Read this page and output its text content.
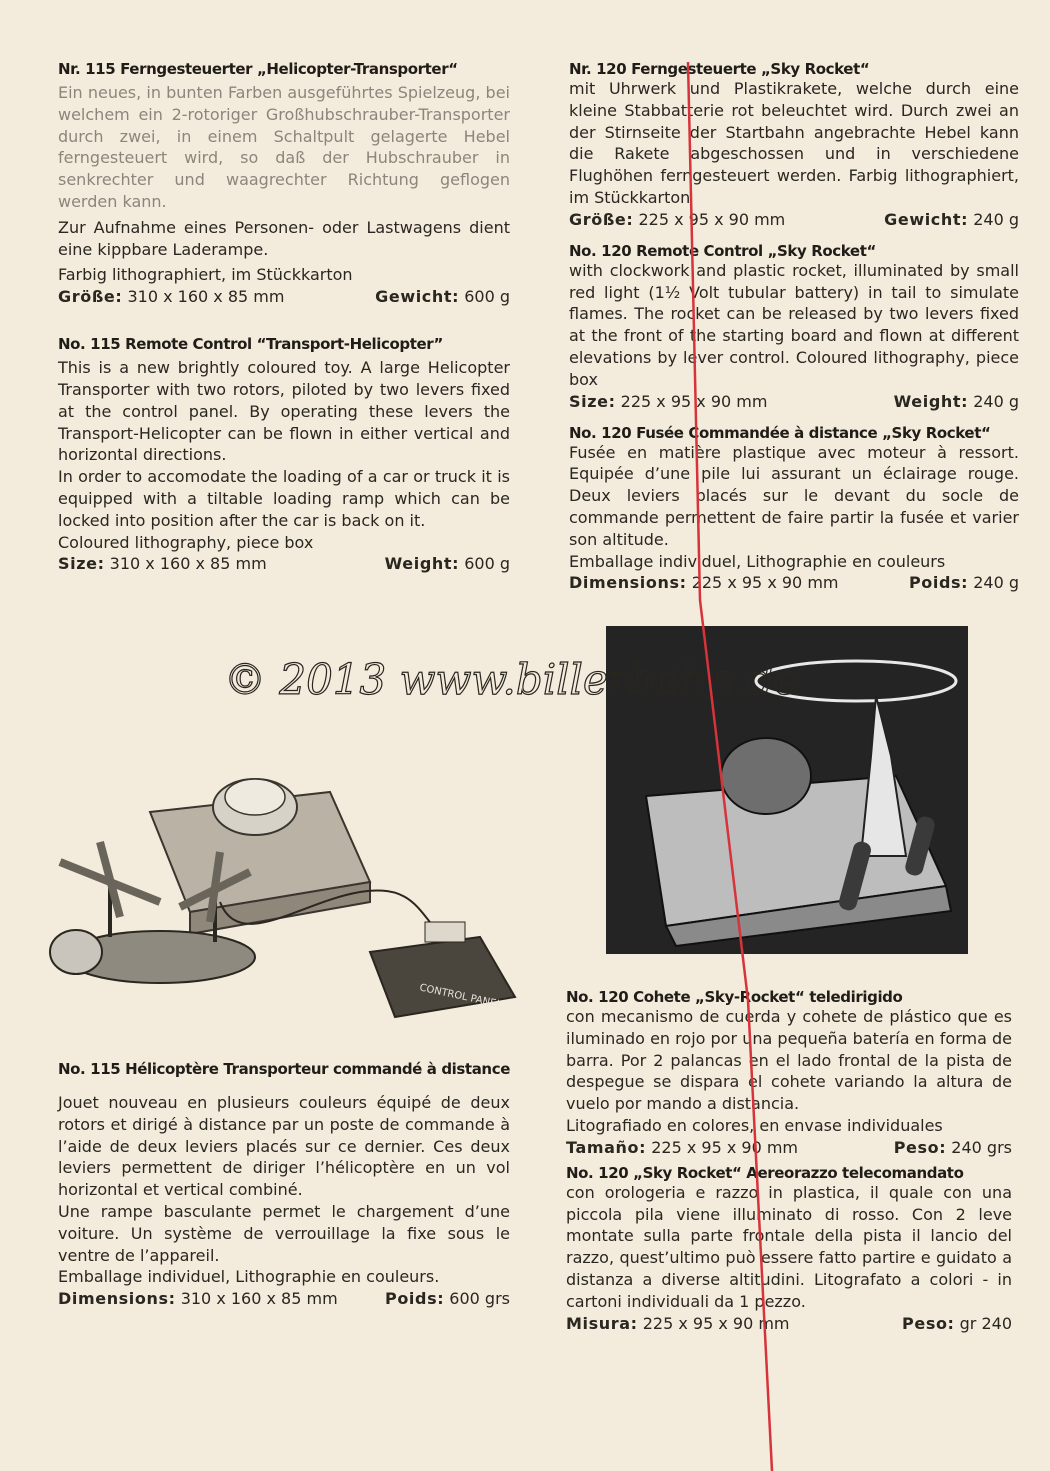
Nr. 115 Ferngesteuerter „Helicopter-Transporter“

Ein neues, in bunten Farben ausgeführtes Spielzeug, bei welchem ein 2-rotoriger Großhubschrauber-Transporter durch zwei, in einem Schaltpult gelagerte Hebel ferngesteuert wird, so daß der Hubschrauber in senkrechter und waagrechter Richtung geflogen werden kann.

Zur Aufnahme eines Personen- oder Lastwagens dient eine kippbare Laderampe.

Farbig lithographiert, im Stückkarton

Größe: 310 x 160 x 85 mm	Gewicht: 600 g
No. 115 Remote Control “Transport-Helicopter”

This is a new brightly coloured toy. A large Helicopter Transporter with two rotors, piloted by two levers fixed at the control panel. By operating these levers the Transport-Helicopter can be flown in either vertical and horizontal directions.

In order to accomodate the loading of a car or truck it is equipped with a tiltable loading ramp which can be locked into position after the car is back on it.

Coloured lithography, piece box

Size: 310 x 160 x 85 mm	Weight: 600 g
CONTROL PANEL
No. 115 Hélicoptère Transporteur commandé à distance

Jouet nouveau en plusieurs couleurs équipé de deux rotors et dirigé à distance par un poste de commande à l’aide de deux leviers placés sur ce dernier. Ces deux leviers permettent de diriger l’hélicoptère en un vol horizontal et vertical combiné.

Une rampe basculante permet le chargement d’une voiture. Un système de verrouillage la fixe sous le ventre de l’appareil.

Emballage individuel, Lithographie en couleurs.

Dimensions: 310 x 160 x 85 mm	Poids: 600 grs
Nr. 120 Ferngesteuerte „Sky Rocket“

mit Uhrwerk und Plastikrakete, welche durch eine kleine Stabbatterie rot beleuchtet wird. Durch zwei an der Stirnseite der Startbahn angebrachte Hebel kann die Rakete abgeschossen und in verschiedene Flughöhen ferngesteuert werden. Farbig lithographiert, im Stückkarton

Größe: 225 x 95 x 90 mm	Gewicht: 240 g
No. 120 Remote Control „Sky Rocket“

with clockwork and plastic rocket, illuminated by small red light (1½ Volt tubular battery) in tail to simulate flames. The rocket can be released by two levers fixed at the front of the starting board and flown at different elevations by lever control. Coloured lithography, piece box

Size: 225 x 95 x 90 mm	Weight: 240 g
No. 120 Fusée Commandée à distance „Sky Rocket“

Fusée en matière plastique avec moteur à ressort. Equipée d’une pile lui assurant un éclairage rouge. Deux leviers placés sur le devant du socle de commande permettent de faire partir la fusée et varier son altitude.

Emballage individuel, Lithographie en couleurs

Dimensions: 225 x 95 x 90 mm	Poids: 240 g
No. 120 Cohete „Sky-Rocket“ teledirigido

con mecanismo de cuerda y cohete de plástico que es iluminado en rojo por una pequeña batería en forma de barra. Por 2 palancas en el lado frontal de la pista de despegue se dispara el cohete variando la altura de vuelo por mando a distancia.

Litografiado en colores, en envase individuales

Tamaño: 225 x 95 x 90 mm	Peso: 240 grs
No. 120 „Sky Rocket“ Aereorazzo telecomandato

con orologeria e razzo in plastica, il quale con una piccola pila viene illuminato di rosso. Con 2 leve montate sulla parte frontale della pista il lancio del razzo, quest’ultimo può essere fatto partire e guidato a distanza a diverse altitudini. Litografato a colori - in cartoni individuali da 1 pezzo.

Misura: 225 x 95 x 90 mm	Peso: gr 240
© 2013 www.billerbahn.de
